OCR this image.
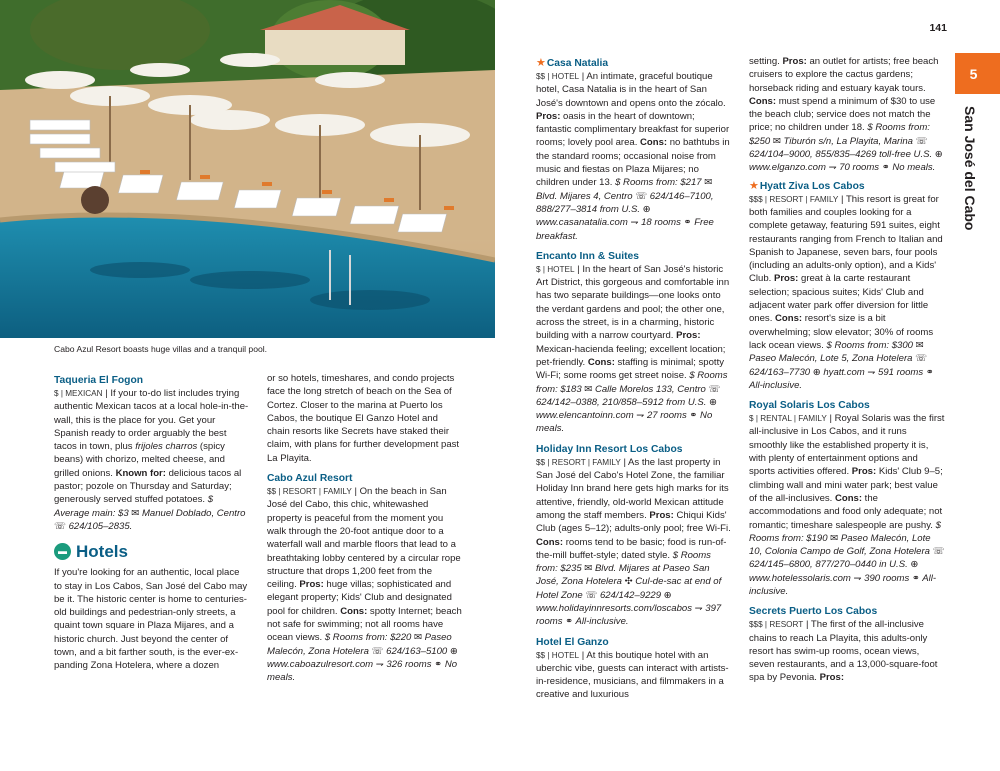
Cabo Azul Resort boasts huge villas and a tranquil pool.

Taqueria El Fogon

$ | MEXICAN | If your to-do list includes trying authentic Mexican tacos at a local hole-in-the-wall, this is the place for you. Get your Spanish ready to order arguably the best tacos in town, plus frijoles charros (spicy beans) with chorizo, melted cheese, and grilled onions. Known for: delicious tacos al pastor; pozole on Thursday and Saturday; generously served stuffed potatoes. $ Average main: $3 ✉ Manuel Doblado, Centro ☏ 624/105–2835.

▬ Hotels

If you're looking for an authentic, local place to stay in Los Cabos, San José del Cabo may be it. The historic center is home to centuries-old buildings and pedestrian-only streets, a quaint town square in Plaza Mijares, and a historic church. Just beyond the center of town, and a bit farther south, is the ever-ex-panding Zona Hotelera, where a dozen

or so hotels, timeshares, and condo projects face the long stretch of beach on the Sea of Cortez. Closer to the marina at Puerto los Cabos, the boutique El Ganzo Hotel and chain resorts like Secrets have staked their claim, with plans for further development past La Playita.

Cabo Azul Resort

$$ | RESORT | FAMILY | On the beach in San José del Cabo, this chic, whitewashed property is peaceful from the moment you walk through the 20-foot antique door to a waterfall wall and marble floors that lead to a breathtaking lobby centered by a circular rope structure that drops 1,200 feet from the ceiling. Pros: huge villas; sophisticated and elegant property; Kids' Club and designated pool for children. Cons: spotty Internet; beach not safe for swimming; not all rooms have ocean views. $ Rooms from: $220 ✉ Paseo Malecón, Zona Hotelera ☏ 624/163–5100 ⊕ www.caboazulresort.com ⇁ 326 rooms ⚭ No meals.

★Casa Natalia

$$ | HOTEL | An intimate, graceful boutique hotel, Casa Natalia is in the heart of San José's downtown and opens onto the zócalo. Pros: oasis in the heart of downtown; fantastic complimentary breakfast for superior rooms; lovely pool area. Cons: no bathtubs in the standard rooms; occasional noise from music and fiestas on Plaza Mijares; no children under 13. $ Rooms from: $217 ✉ Blvd. Mijares 4, Centro ☏ 624/146–7100, 888/277–3814 from U.S. ⊕ www.casanatalia.com ⇁ 18 rooms ⚭ Free breakfast.

Encanto Inn & Suites

$ | HOTEL | In the heart of San José's historic Art District, this gorgeous and comfortable inn has two separate buildings—one looks onto the verdant gardens and pool; the other one, across the street, is in a charming, historic building with a narrow courtyard. Pros: Mexican-hacienda feeling; excellent location; pet-friendly. Cons: staffing is minimal; spotty Wi-Fi; some rooms get street noise. $ Rooms from: $183 ✉ Calle Morelos 133, Centro ☏ 624/142–0388, 210/858–5912 from U.S. ⊕ www.elencantoinn.com ⇁ 27 rooms ⚭ No meals.

Holiday Inn Resort Los Cabos

$$ | RESORT | FAMILY | As the last property in San José del Cabo's Hotel Zone, the familiar Holiday Inn brand here gets high marks for its attentive, friendly, old-world Mexican attitude among the staff members. Pros: Chiqui Kids' Club (ages 5–12); adults-only pool; free Wi-Fi. Cons: rooms tend to be basic; food is run-of-the-mill buffet-style; dated style. $ Rooms from: $235 ✉ Blvd. Mijares at Paseo San José, Zona Hotelera ✣ Cul-de-sac at end of Hotel Zone ☏ 624/142–9229 ⊕ www.holidayinnresorts.com/loscabos ⇁ 397 rooms ⚭ All-inclusive.

Hotel El Ganzo

$$ | HOTEL | At this boutique hotel with an uberchic vibe, guests can interact with artists-in-residence, musicians, and filmmakers in a creative and luxurious

setting. Pros: an outlet for artists; free beach cruisers to explore the cactus gardens; horseback riding and estuary kayak tours. Cons: must spend a minimum of $30 to use the beach club; service does not match the price; no children under 18. $ Rooms from: $250 ✉ Tiburón s/n, La Playita, Marina ☏ 624/104–9000, 855/835–4269 toll-free U.S. ⊕ www.elganzo.com ⇁ 70 rooms ⚭ No meals.

★Hyatt Ziva Los Cabos

$$$ | RESORT | FAMILY | This resort is great for both families and couples looking for a complete getaway, featuring 591 suites, eight restaurants ranging from French to Italian and Spanish to Japanese, seven bars, four pools (including an adults-only option), and a Kids' Club. Pros: great à la carte restaurant selection; spacious suites; Kids' Club and adjacent water park offer diversion for little ones. Cons: resort's size is a bit overwhelming; slow elevator; 30% of rooms lack ocean views. $ Rooms from: $300 ✉ Paseo Malecón, Lote 5, Zona Hotelera ☏ 624/163–7730 ⊕ hyatt.com ⇁ 591 rooms ⚭ All-inclusive.

Royal Solaris Los Cabos

$ | RENTAL | FAMILY | Royal Solaris was the first all-inclusive in Los Cabos, and it runs smoothly like the established property it is, with plenty of entertainment options and sports activities offered. Pros: Kids' Club 9–5; climbing wall and mini water park; best value of the all-inclusives. Cons: the accommodations and food only adequate; not romantic; timeshare salespeople are pushy. $ Rooms from: $190 ✉ Paseo Malecón, Lote 10, Colonia Campo de Golf, Zona Hotelera ☏ 624/145–6800, 877/270–0440 in U.S. ⊕ www.hotelessolaris.com ⇁ 390 rooms ⚭ All-inclusive.

Secrets Puerto Los Cabos

$$$ | RESORT | The first of the all-inclusive chains to reach La Playita, this adults-only resort has swim-up rooms, ocean views, seven restaurants, and a 13,000-square-foot spa by Pevonia. Pros:

141
5
San José del Cabo
